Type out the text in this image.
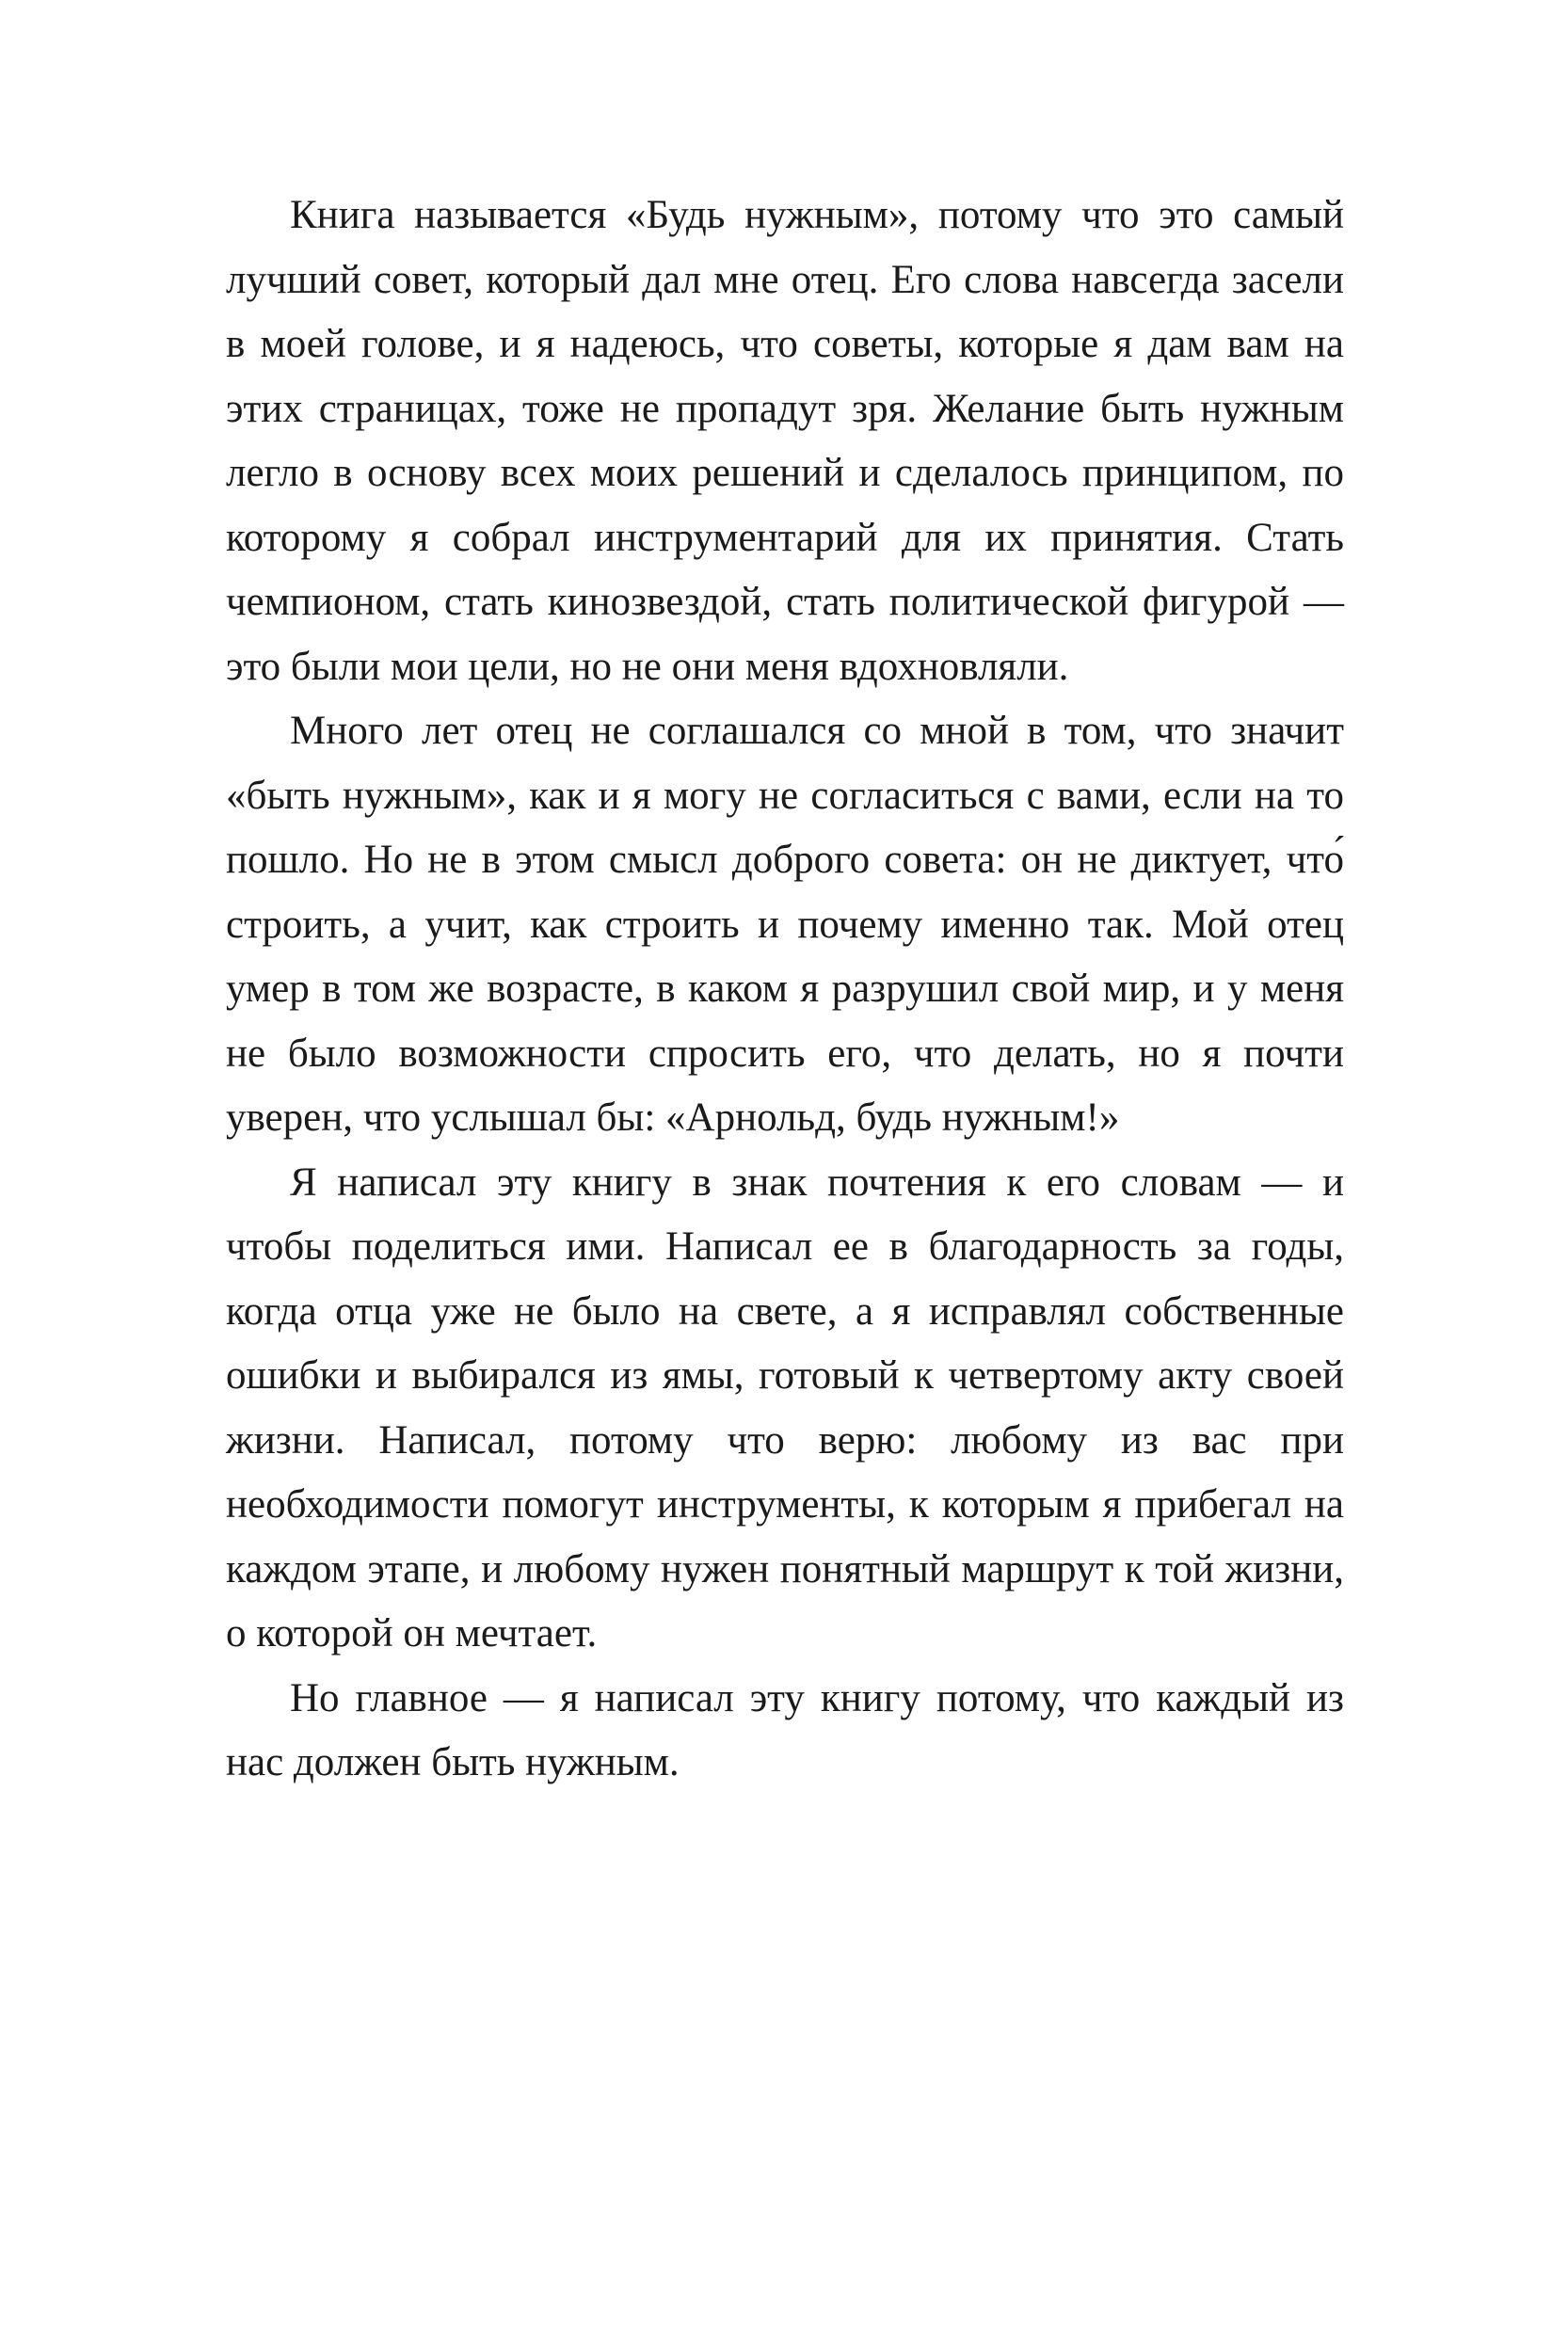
Книга называется «Будь нужным», потому что это самый лучший совет, который дал мне отец. Его слова навсегда засели в моей голове, и я надеюсь, что советы, которые я дам вам на этих страницах, тоже не пропадут зря. Желание быть нужным легло в основу всех моих решений и сделалось принципом, по которому я собрал инструментарий для их принятия. Стать чемпионом, стать кинозвездой, стать политической фигурой — это были мои цели, но не они меня вдохновляли.

Много лет отец не соглашался со мной в том, что значит «быть нужным», как и я могу не согласиться с вами, если на то пошло. Но не в этом смысл доброго совета: он не диктует, что́ строить, а учит, как строить и почему именно так. Мой отец умер в том же возрасте, в каком я разрушил свой мир, и у меня не было возможности спросить его, что делать, но я почти уверен, что услышал бы: «Арнольд, будь нужным!»

Я написал эту книгу в знак почтения к его словам — и чтобы поделиться ими. Написал ее в благодарность за годы, когда отца уже не было на свете, а я исправлял собственные ошибки и выбирался из ямы, готовый к четвертому акту своей жизни. Написал, потому что верю: любому из вас при необходимости помогут инструменты, к которым я прибегал на каждом этапе, и любому нужен понятный маршрут к той жизни, о которой он мечтает.

Но главное — я написал эту книгу потому, что каждый из нас должен быть нужным.
